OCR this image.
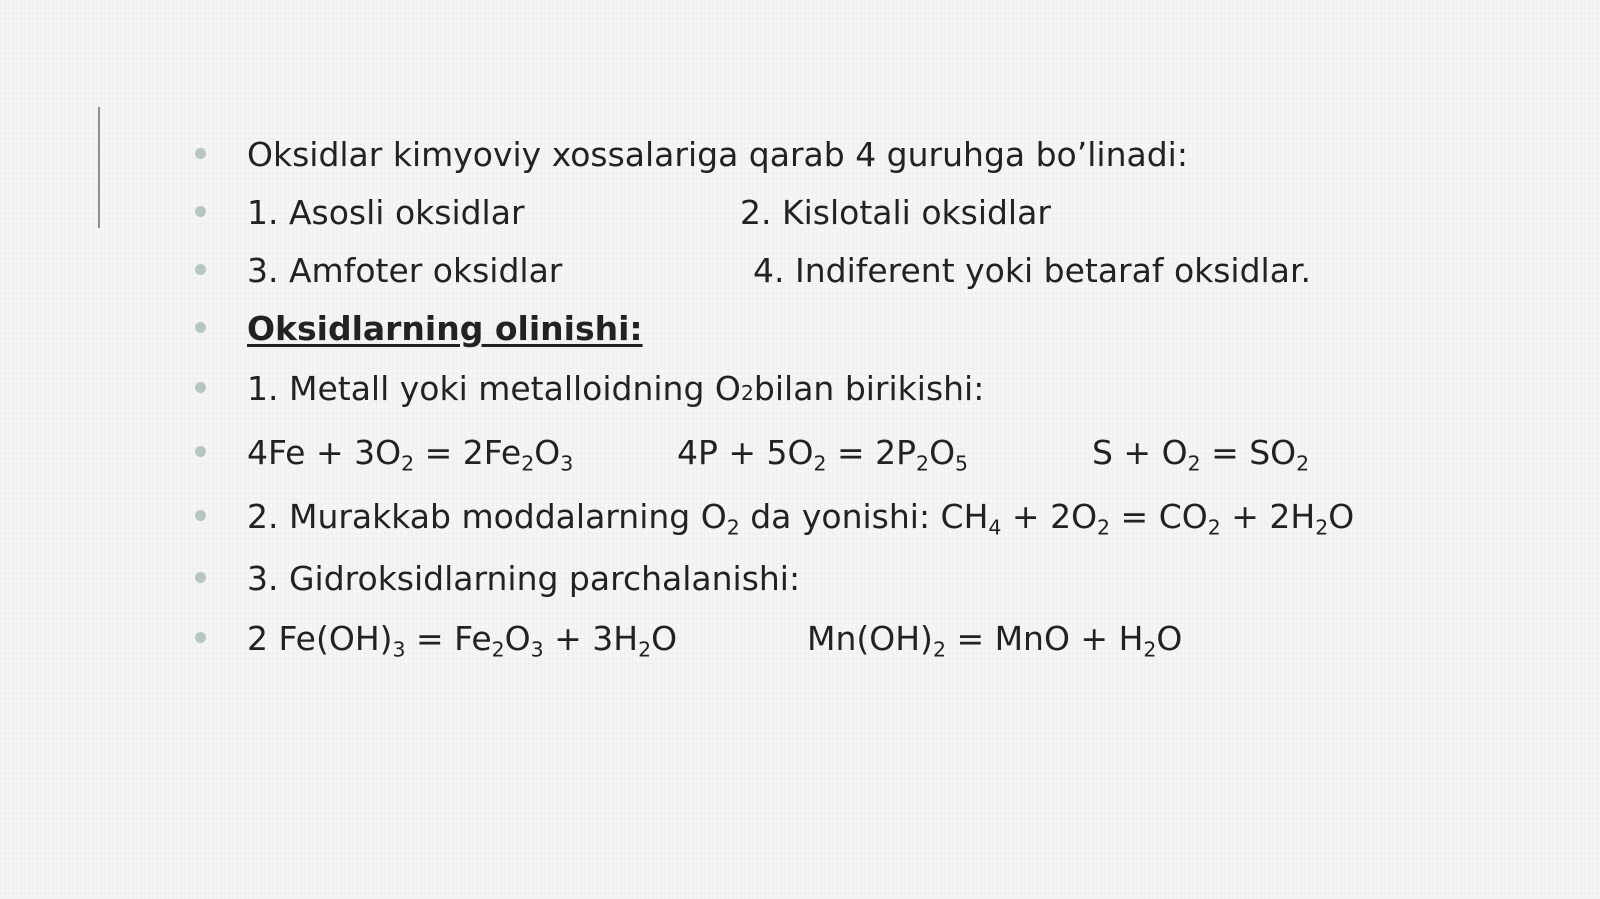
Oksidlar kimyoviy xossalariga qarab 4 guruhga bo’linadi:
1. Asosli oksidlar	2. Kislotali oksidlar
3. Amfoter oksidlar	4. Indiferent yoki betaraf oksidlar.
Oksidlarning olinishi:
1. Metall yoki metalloidning O 2 bilan birikishi:
$4Fe + 3O_2 = 2Fe_2O_3$	$4P + 5O_2 = 2P_2O_5$	$S + O_2 = SO_2$
2. Murakkab moddalarning $O_2$ da yonishi: $CH_4 + 2O_2 = CO_2 + 2H_2O$
3. Gidroksidlarning parchalanishi:
2 $Fe(OH)_3 = Fe_2O_3 + 3H_2O$	$Mn(OH)_2$ = MnO + $H_2O$
